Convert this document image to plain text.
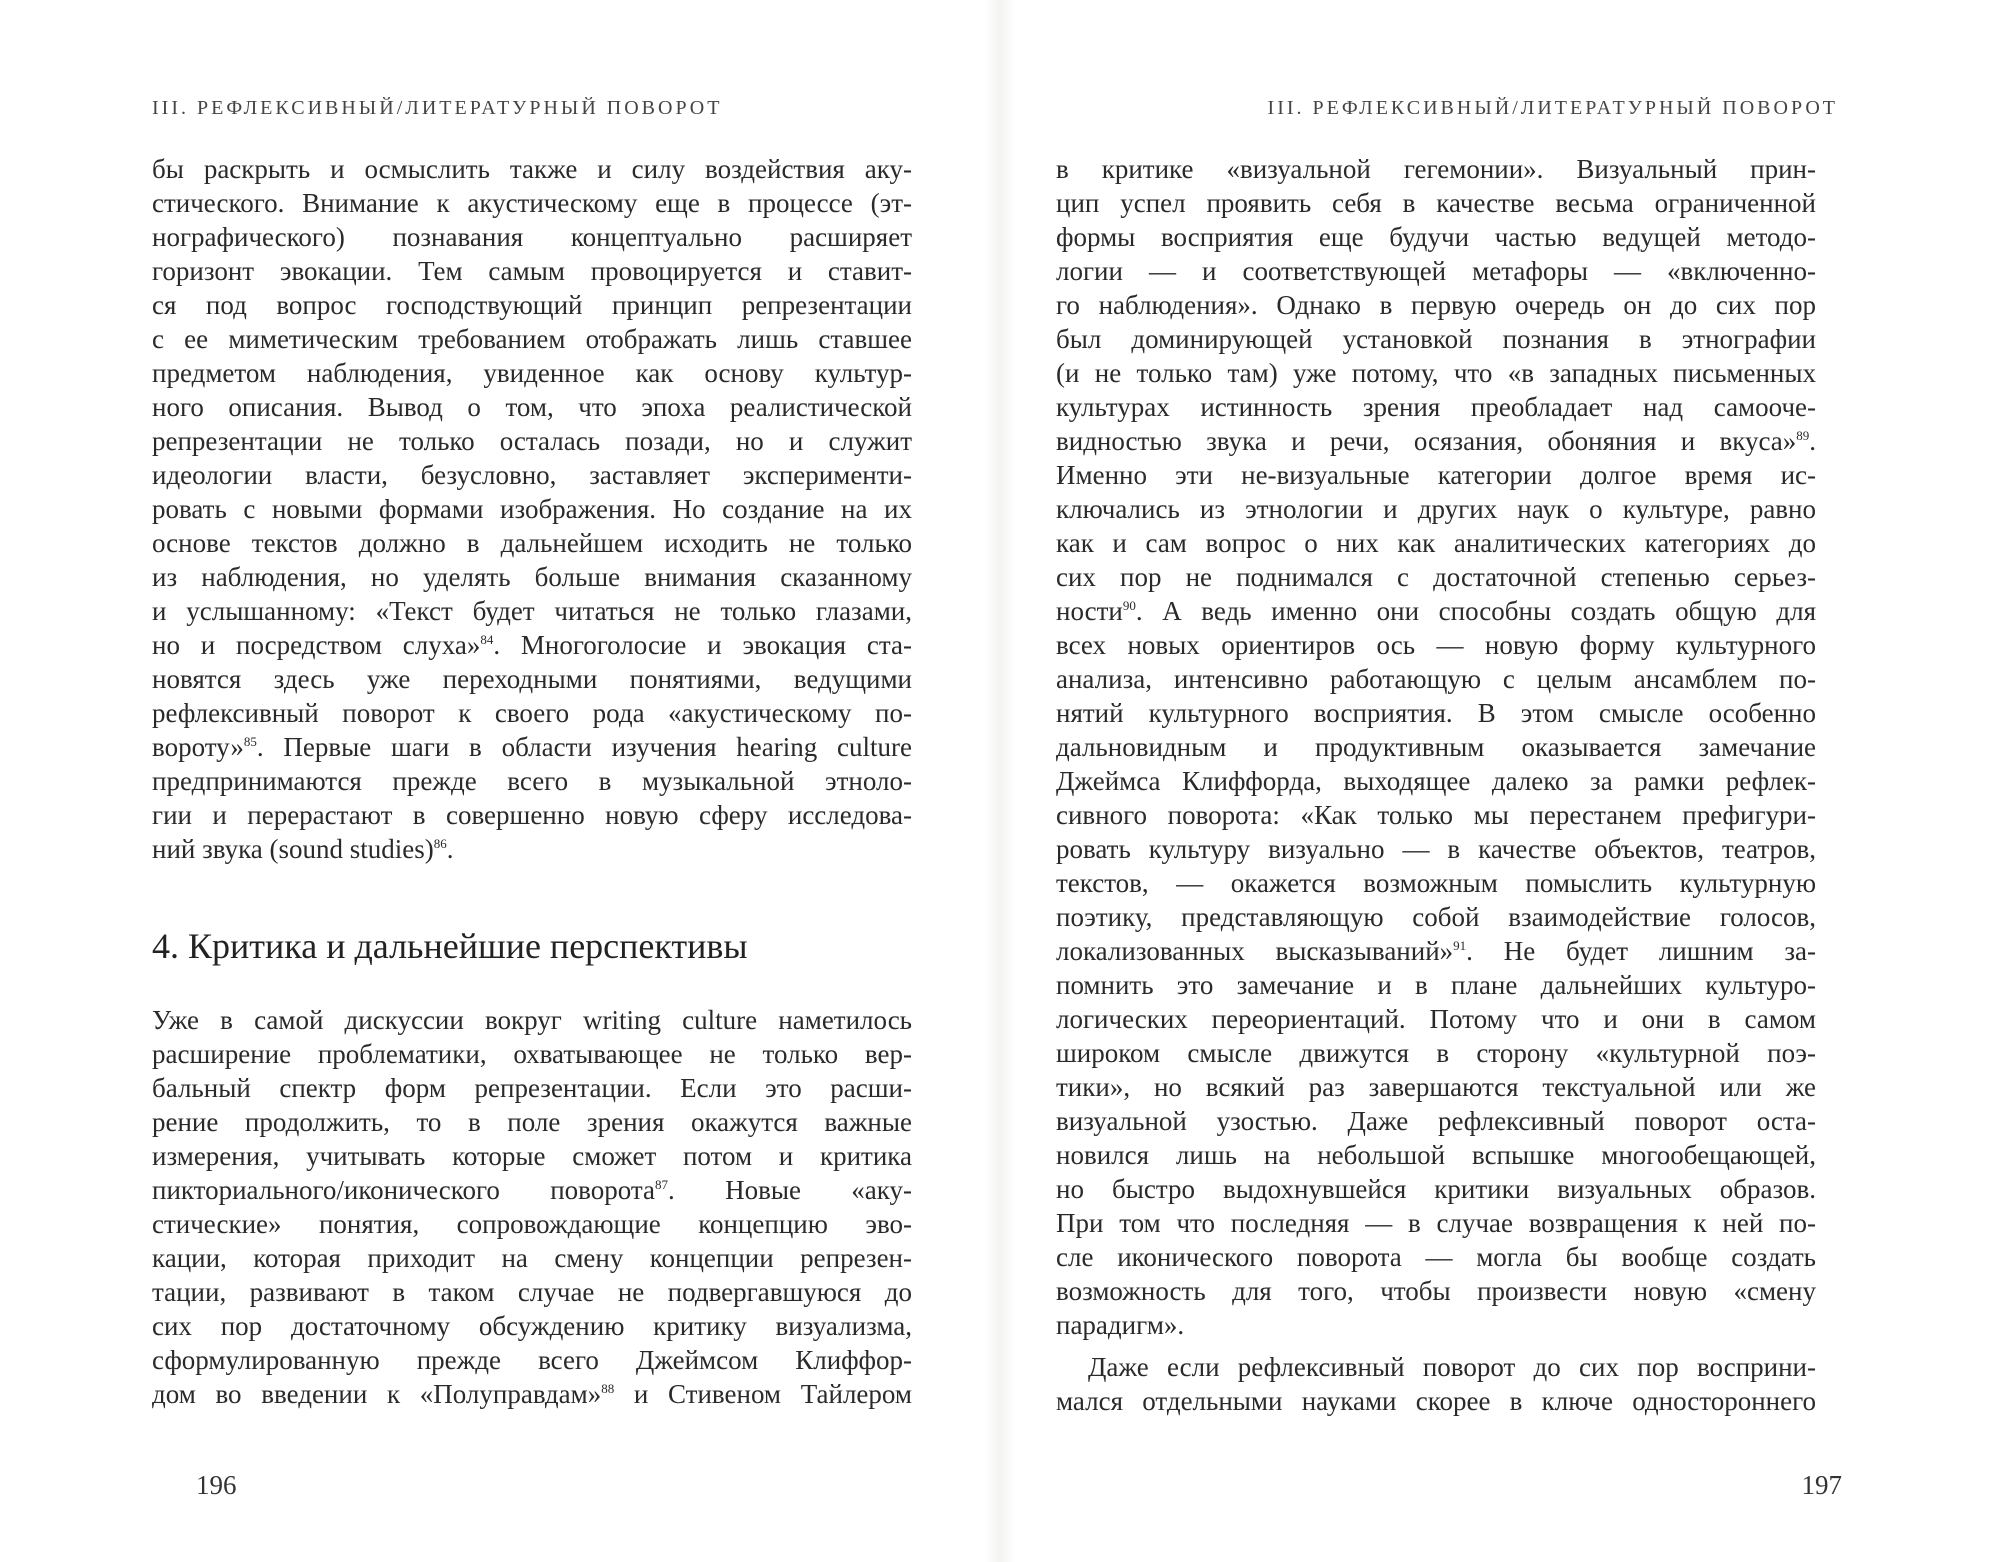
III. РЕФЛЕКСИВНЫЙ/ЛИТЕРАТУРНЫЙ ПОВОРОТ
бы раскрыть и осмыслить также и силу воздействия аку-
стического. Внимание к акустическому еще в процессе (эт-
нографического) познавания концептуально расширяет
горизонт эвокации. Тем самым провоцируется и ставит-
ся под вопрос господствующий принцип репрезентации
с ее миметическим требованием отображать лишь ставшее
предметом наблюдения, увиденное как основу культур-
ного описания. Вывод о том, что эпоха реалистической
репрезентации не только осталась позади, но и служит
идеологии власти, безусловно, заставляет эксперименти-
ровать с новыми формами изображения. Но создание на их
основе текстов должно в дальнейшем исходить не только
из наблюдения, но уделять больше внимания сказанному
и услышанному: «Текст будет читаться не только глазами,
но и посредством слуха»$^{84}$. Многоголосие и эвокация ста-
новятся здесь уже переходными понятиями, ведущими
рефлексивный поворот к своего рода «акустическому по-
вороту»$^{85}$. Первые шаги в области изучения hearing culture
предпринимаются прежде всего в музыкальной этноло-
гии и перерастают в совершенно новую сферу исследова-
ний звука (sound studies)$^{86}$.
4. Критика и дальнейшие перспективы
Уже в самой дискуссии вокруг writing culture наметилось
расширение проблематики, охватывающее не только вер-
бальный спектр форм репрезентации. Если это расши-
рение продолжить, то в поле зрения окажутся важные
измерения, учитывать которые сможет потом и критика
пикториального/иконического поворота$^{87}$. Новые «аку-
стические» понятия, сопровождающие концепцию эво-
кации, которая приходит на смену концепции репрезен-
тации, развивают в таком случае не подвергавшуюся до
сих пор достаточному обсуждению критику визуализма,
сформулированную прежде всего Джеймсом Клиффор-
дом во введении к «Полуправдам»$^{88}$ и Стивеном Тайлером
196
III. РЕФЛЕКСИВНЫЙ/ЛИТЕРАТУРНЫЙ ПОВОРОТ
в критике «визуальной гегемонии». Визуальный прин-
цип успел проявить себя в качестве весьма ограниченной
формы восприятия еще будучи частью ведущей методо-
логии — и соответствующей метафоры — «включенно-
го наблюдения». Однако в первую очередь он до сих пор
был доминирующей установкой познания в этнографии
(и не только там) уже потому, что «в западных письменных
культурах истинность зрения преобладает над самооче-
видностью звука и речи, осязания, обоняния и вкуса»$^{89}$.
Именно эти не-визуальные категории долгое время ис-
ключались из этнологии и других наук о культуре, равно
как и сам вопрос о них как аналитических категориях до
сих пор не поднимался с достаточной степенью серьез-
ности$^{90}$. А ведь именно они способны создать общую для
всех новых ориентиров ось — новую форму культурного
анализа, интенсивно работающую с целым ансамблем по-
нятий культурного восприятия. В этом смысле особенно
дальновидным и продуктивным оказывается замечание
Джеймса Клиффорда, выходящее далеко за рамки рефлек-
сивного поворота: «Как только мы перестанем префигури-
ровать культуру визуально — в качестве объектов, театров,
текстов, — окажется возможным помыслить культурную
поэтику, представляющую собой взаимодействие голосов,
локализованных высказываний»$^{91}$. Не будет лишним за-
помнить это замечание и в плане дальнейших культуро-
логических переориентаций. Потому что и они в самом
широком смысле движутся в сторону «культурной поэ-
тики», но всякий раз завершаются текстуальной или же
визуальной узостью. Даже рефлексивный поворот оста-
новился лишь на небольшой вспышке многообещающей,
но быстро выдохнувшейся критики визуальных образов.
При том что последняя — в случае возвращения к ней по-
сле иконического поворота — могла бы вообще создать
возможность для того, чтобы произвести новую «смену
парадигм».
Даже если рефлексивный поворот до сих пор восприни-
мался отдельными науками скорее в ключе одностороннего
197
